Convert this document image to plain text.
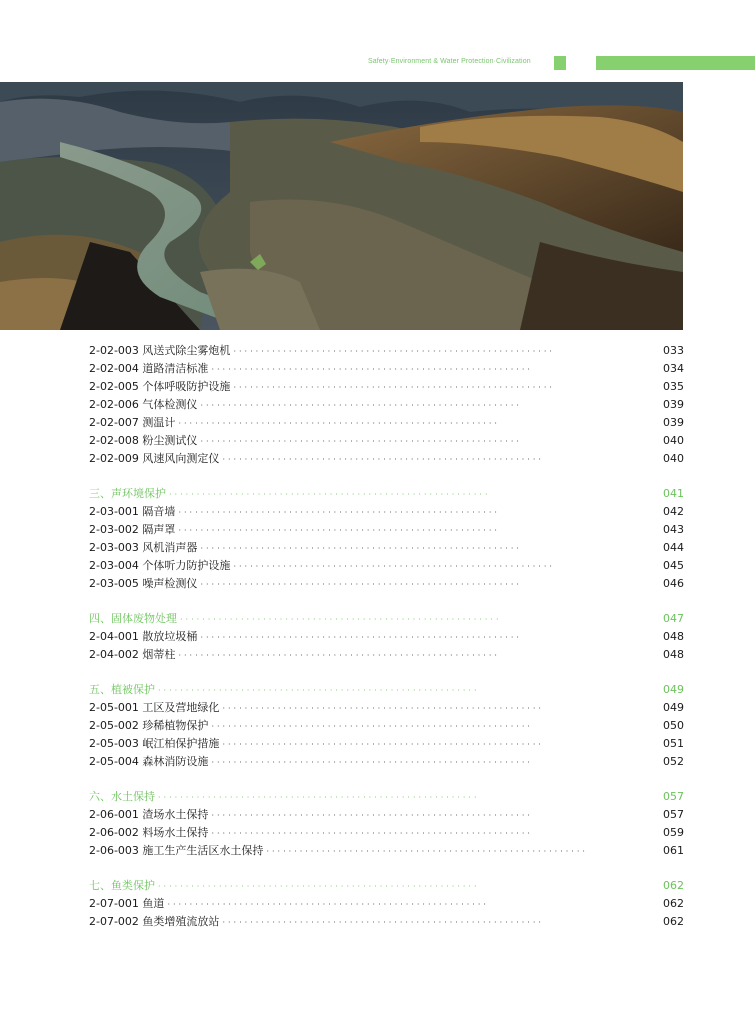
Safety·Environment & Water Protection·Civilization
2-02-003 风送式除尘雾炮机 ··························································	033
2-02-004 道路清洁标准 ··························································	034
2-02-005 个体呼吸防护设施 ··························································	035
2-02-006 气体检测仪 ··························································	039
2-02-007 测温计 ··························································	039
2-02-008 粉尘测试仪 ··························································	040
2-02-009 风速风向测定仪 ··························································	040
三、声环境保护 ··························································	041
2-03-001 隔音墙 ··························································	042
2-03-002 隔声罩 ··························································	043
2-03-003 风机消声器 ··························································	044
2-03-004 个体听力防护设施 ··························································	045
2-03-005 噪声检测仪 ··························································	046
四、固体废物处理 ··························································	047
2-04-001 散放垃圾桶 ··························································	048
2-04-002 烟蒂柱 ··························································	048
五、植被保护 ··························································	049
2-05-001 工区及营地绿化 ··························································	049
2-05-002 珍稀植物保护 ··························································	050
2-05-003 岷江柏保护措施 ··························································	051
2-05-004 森林消防设施 ··························································	052
六、水土保持 ··························································	057
2-06-001 渣场水土保持 ··························································	057
2-06-002 料场水土保持 ··························································	059
2-06-003 施工生产生活区水土保持 ··························································	061
七、鱼类保护 ··························································	062
2-07-001 鱼道 ··························································	062
2-07-002 鱼类增殖流放站 ··························································	062
